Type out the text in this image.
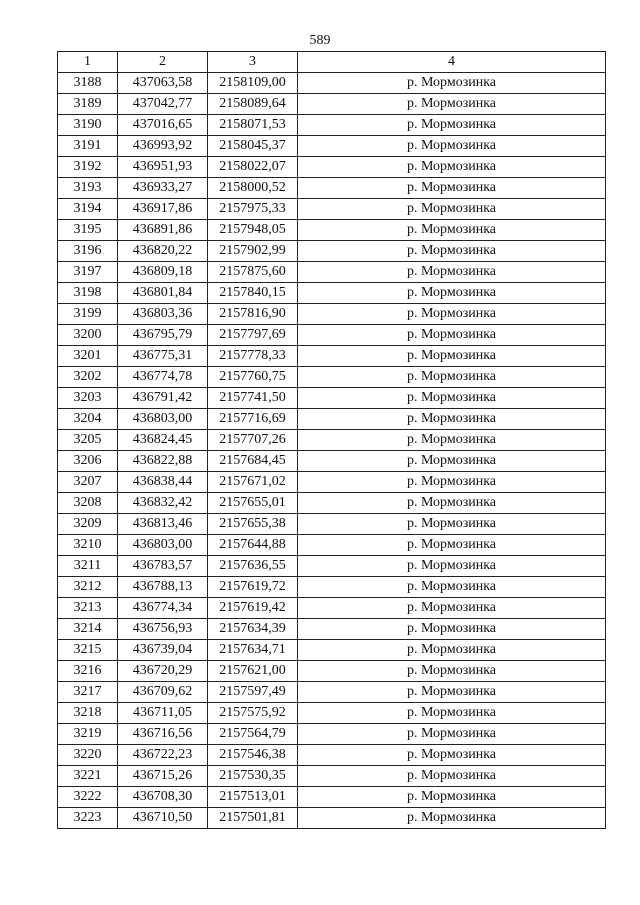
589
1	2	3	4
3188	437063,58	2158109,00	р. Мормозинка
3189	437042,77	2158089,64	р. Мормозинка
3190	437016,65	2158071,53	р. Мормозинка
3191	436993,92	2158045,37	р. Мормозинка
3192	436951,93	2158022,07	р. Мормозинка
3193	436933,27	2158000,52	р. Мормозинка
3194	436917,86	2157975,33	р. Мормозинка
3195	436891,86	2157948,05	р. Мормозинка
3196	436820,22	2157902,99	р. Мормозинка
3197	436809,18	2157875,60	р. Мормозинка
3198	436801,84	2157840,15	р. Мормозинка
3199	436803,36	2157816,90	р. Мормозинка
3200	436795,79	2157797,69	р. Мормозинка
3201	436775,31	2157778,33	р. Мормозинка
3202	436774,78	2157760,75	р. Мормозинка
3203	436791,42	2157741,50	р. Мормозинка
3204	436803,00	2157716,69	р. Мормозинка
3205	436824,45	2157707,26	р. Мормозинка
3206	436822,88	2157684,45	р. Мормозинка
3207	436838,44	2157671,02	р. Мормозинка
3208	436832,42	2157655,01	р. Мормозинка
3209	436813,46	2157655,38	р. Мормозинка
3210	436803,00	2157644,88	р. Мормозинка
3211	436783,57	2157636,55	р. Мормозинка
3212	436788,13	2157619,72	р. Мормозинка
3213	436774,34	2157619,42	р. Мормозинка
3214	436756,93	2157634,39	р. Мормозинка
3215	436739,04	2157634,71	р. Мормозинка
3216	436720,29	2157621,00	р. Мормозинка
3217	436709,62	2157597,49	р. Мормозинка
3218	436711,05	2157575,92	р. Мормозинка
3219	436716,56	2157564,79	р. Мормозинка
3220	436722,23	2157546,38	р. Мормозинка
3221	436715,26	2157530,35	р. Мормозинка
3222	436708,30	2157513,01	р. Мормозинка
3223	436710,50	2157501,81	р. Мормозинка
